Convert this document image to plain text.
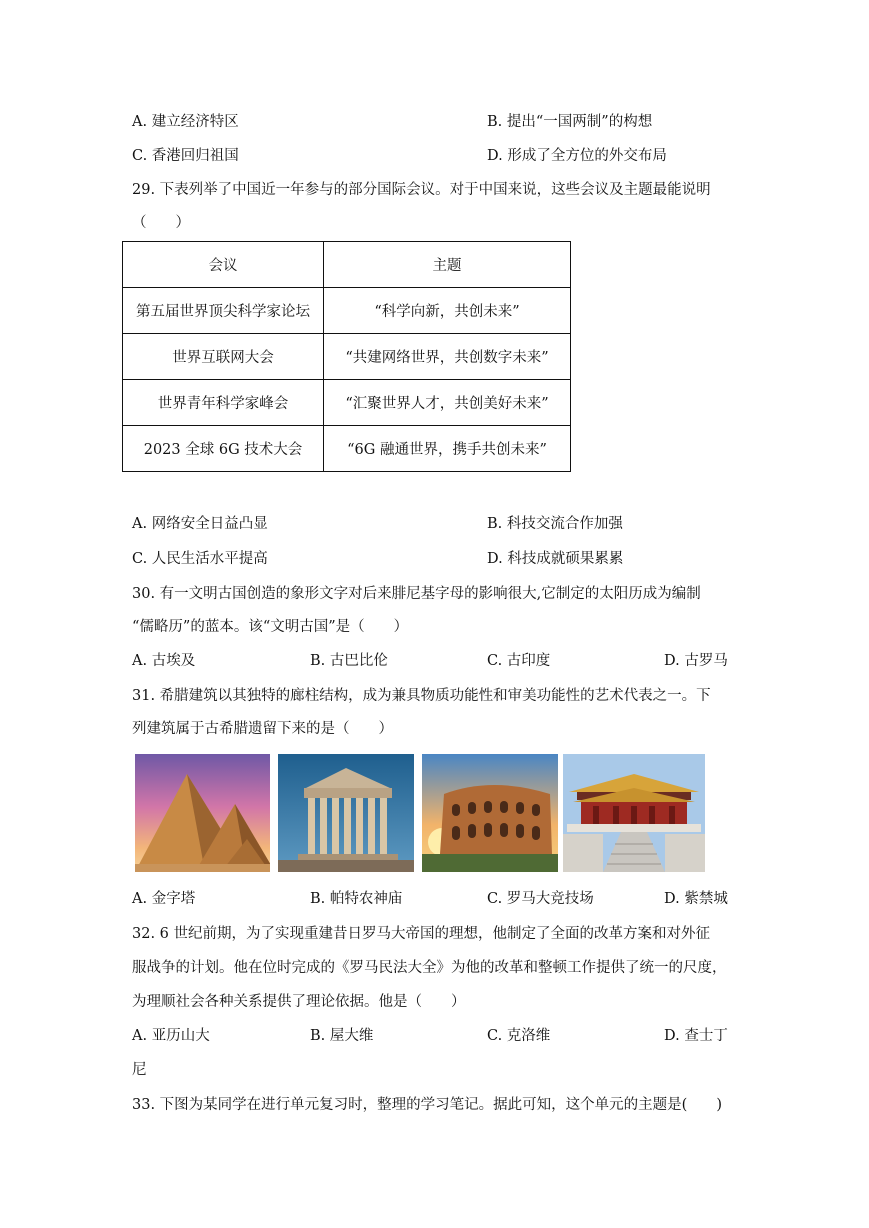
A. 建立经济特区	B. 提出“一国两制”的构想
C. 香港回归祖国	D. 形成了全方位的外交布局
29. 下表列举了中国近一年参与的部分国际会议。对于中国来说，这些会议及主题最能说明
（　　）
会议	主题
第五届世界顶尖科学家论坛	“科学向新，共创未来”
世界互联网大会	“共建网络世界，共创数字未来”
世界青年科学家峰会	“汇聚世界人才，共创美好未来”
2023 全球 6G 技术大会	“6G 融通世界，携手共创未来”
A. 网络安全日益凸显	B. 科技交流合作加强
C. 人民生活水平提高	D. 科技成就硕果累累
30. 有一文明古国创造的象形文字对后来腓尼基字母的影响很大,它制定的太阳历成为编制
“儒略历”的蓝本。该“文明古国”是（　　）
A. 古埃及	B. 古巴比伦	C. 古印度	D. 古罗马
31. 希腊建筑以其独特的廊柱结构，成为兼具物质功能性和审美功能性的艺术代表之一。下
列建筑属于古希腊遗留下来的是（　　）
A. 金字塔	B. 帕特农神庙	C. 罗马大竞技场	D. 紫禁城
32. 6 世纪前期，为了实现重建昔日罗马大帝国的理想，他制定了全面的改革方案和对外征
服战争的计划。他在位时完成的《罗马民法大全》为他的改革和整顿工作提供了统一的尺度，
为理顺社会各种关系提供了理论依据。他是（　　）
A. 亚历山大	B. 屋大维	C. 克洛维	D. 查士丁
尼
33. 下图为某同学在进行单元复习时，整理的学习笔记。据此可知，这个单元的主题是(　　)
